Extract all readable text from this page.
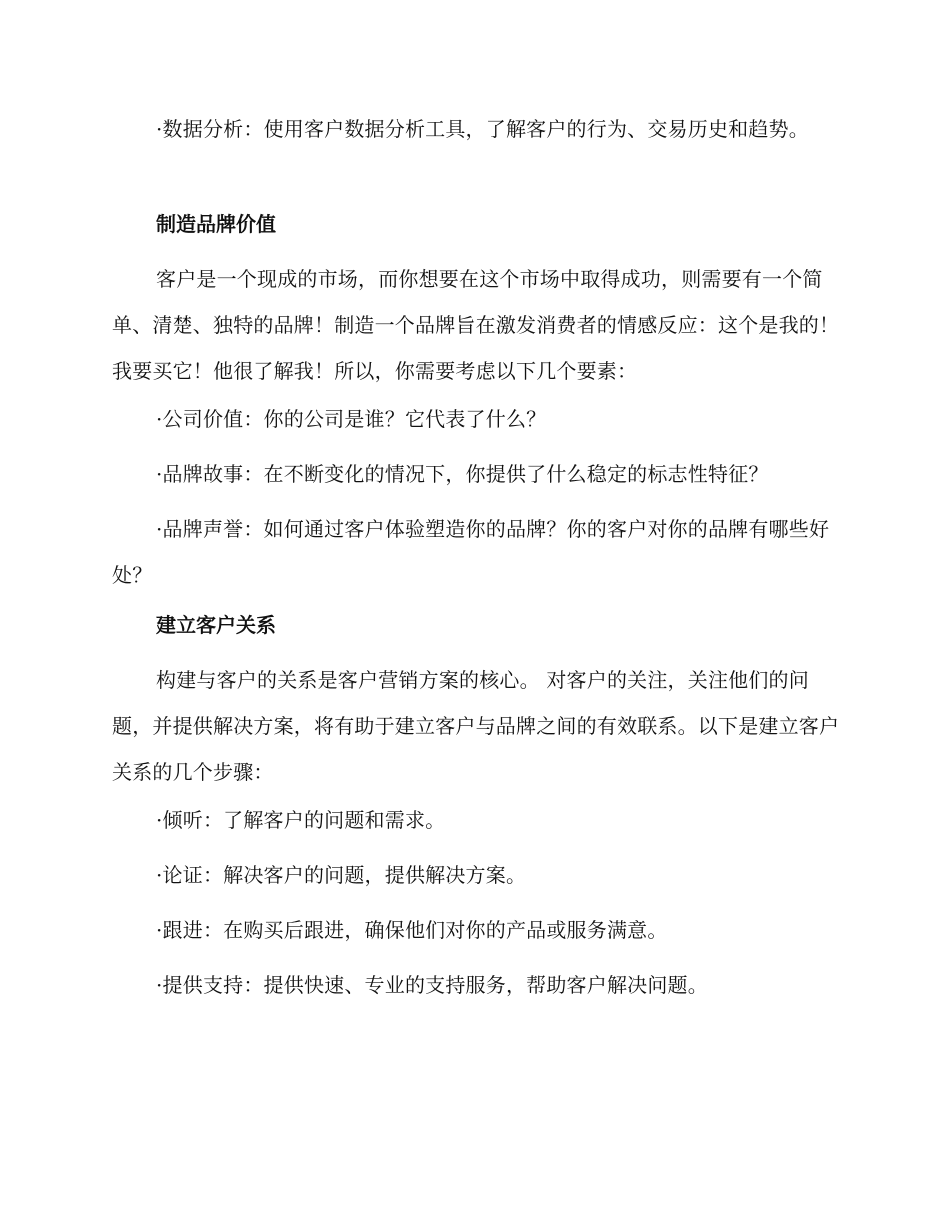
·数据分析：使用客户数据分析工具，了解客户的行为、交易历史和趋势。

制造品牌价值

客户是一个现成的市场，而你想要在这个市场中取得成功，则需要有一个简单、清楚、独特的品牌！制造一个品牌旨在激发消费者的情感反应：这个是我的！我要买它！他很了解我！所以，你需要考虑以下几个要素：

·公司价值：你的公司是谁？它代表了什么？

·品牌故事：在不断变化的情况下，你提供了什么稳定的标志性特征？

·品牌声誉：如何通过客户体验塑造你的品牌？你的客户对你的品牌有哪些好处？

建立客户关系

构建与客户的关系是客户营销方案的核心。 对客户的关注，关注他们的问题，并提供解决方案，将有助于建立客户与品牌之间的有效联系。以下是建立客户关系的几个步骤：

·倾听：了解客户的问题和需求。

·论证：解决客户的问题，提供解决方案。

·跟进：在购买后跟进，确保他们对你的产品或服务满意。

·提供支持：提供快速、专业的支持服务，帮助客户解决问题。
